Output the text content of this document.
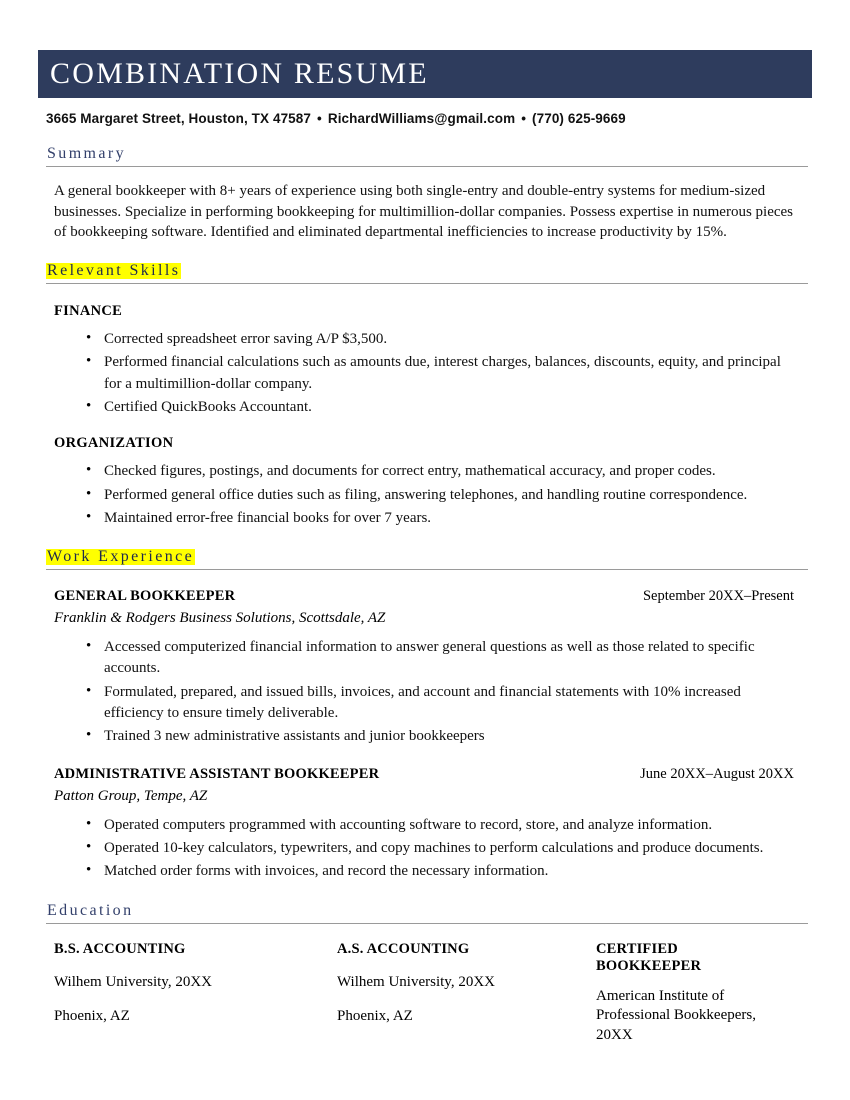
COMBINATION RESUME
3665 Margaret Street, Houston, TX 47587 • RichardWilliams@gmail.com • (770) 625-9669
Summary

A general bookkeeper with 8+ years of experience using both single-entry and double-entry systems for medium-sized businesses. Specialize in performing bookkeeping for multimillion-dollar companies. Possess expertise in numerous pieces of bookkeeping software. Identified and eliminated departmental inefficiencies to increase productivity by 15%.

Relevant Skills
FINANCE
• Corrected spreadsheet error saving A/P $3,500.
• Performed financial calculations such as amounts due, interest charges, balances, discounts, equity, and principal for a multimillion-dollar company.
• Certified QuickBooks Accountant.
ORGANIZATION
• Checked figures, postings, and documents for correct entry, mathematical accuracy, and proper codes.
• Performed general office duties such as filing, answering telephones, and handling routine correspondence.
• Maintained error-free financial books for over 7 years.
Work Experience
GENERAL BOOKKEEPER	September 20XX–Present
Franklin & Rodgers Business Solutions, Scottsdale, AZ
• Accessed computerized financial information to answer general questions as well as those related to specific accounts.
• Formulated, prepared, and issued bills, invoices, and account and financial statements with 10% increased efficiency to ensure timely deliverable.
• Trained 3 new administrative assistants and junior bookkeepers
ADMINISTRATIVE ASSISTANT BOOKKEEPER	June 20XX–August 20XX
Patton Group, Tempe, AZ
• Operated computers programmed with accounting software to record, store, and analyze information.
• Operated 10-key calculators, typewriters, and copy machines to perform calculations and produce documents.
• Matched order forms with invoices, and record the necessary information.
Education
B.S. ACCOUNTING
Wilhem University, 20XX
Phoenix, AZ
A.S. ACCOUNTING
Wilhem University, 20XX
Phoenix, AZ
CERTIFIED BOOKKEEPER
American Institute of Professional Bookkeepers, 20XX
